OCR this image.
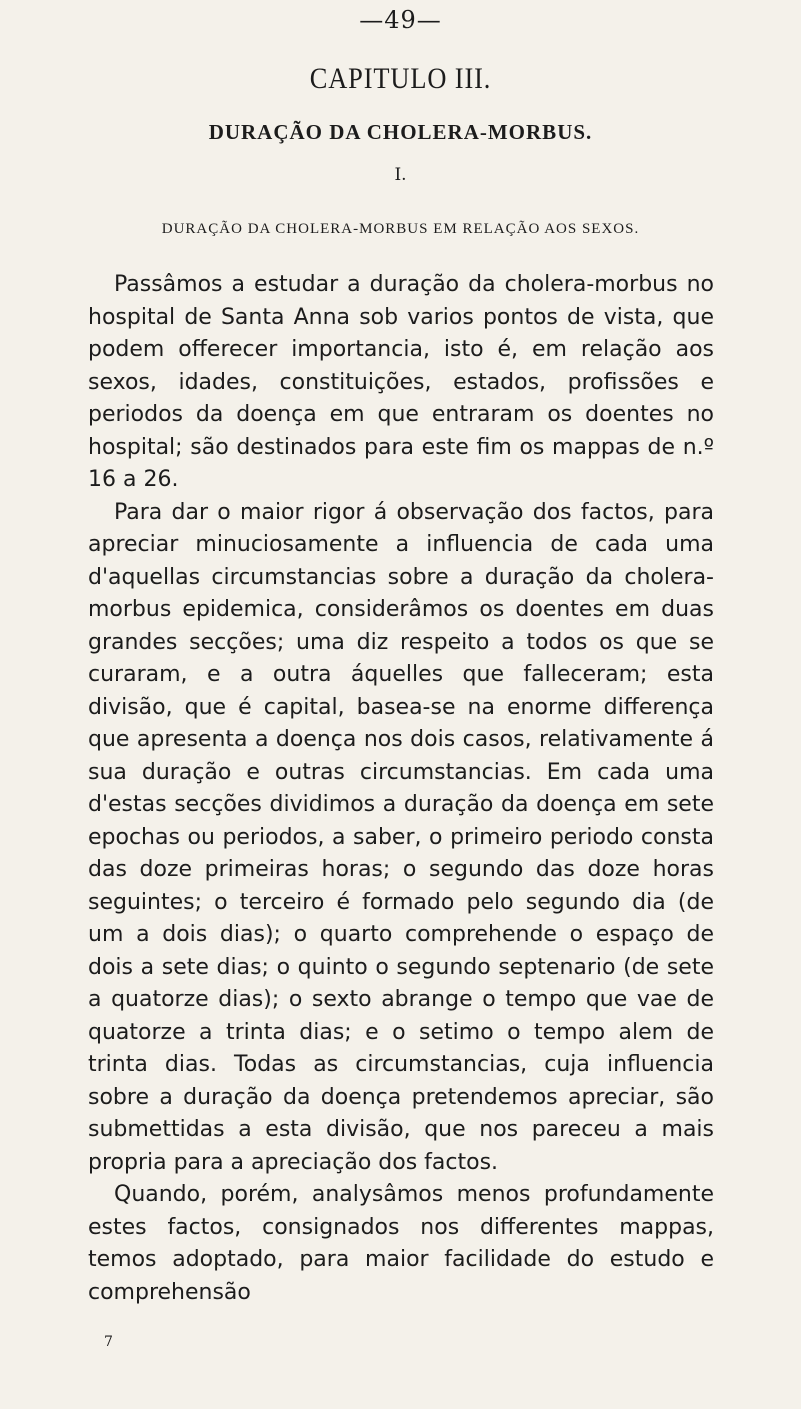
—49—
CAPITULO III.
DURAÇÃO DA CHOLERA-MORBUS.
I.
DURAÇÃO DA CHOLERA-MORBUS EM RELAÇÃO AOS SEXOS.

Passâmos a estudar a duração da cholera-morbus no hospital de Santa Anna sob varios pontos de vista, que podem offerecer importancia, isto é, em relação aos sexos, idades, constituições, estados, profissões e periodos da doença em que entraram os doentes no hospital; são destinados para este fim os mappas de n.º 16 a 26.

Para dar o maior rigor á observação dos factos, para apreciar minuciosamente a influencia de cada uma d'aquellas circumstancias sobre a duração da cholera-morbus epidemica, considerâmos os doentes em duas grandes secções; uma diz respeito a todos os que se curaram, e a outra áquelles que falleceram; esta divisão, que é capital, basea-se na enorme differença que apresenta a doença nos dois casos, relativamente á sua duração e outras circumstancias. Em cada uma d'estas secções dividimos a duração da doença em sete epochas ou periodos, a saber, o primeiro periodo consta das doze primeiras horas; o segundo das doze horas seguintes; o terceiro é formado pelo segundo dia (de um a dois dias); o quarto comprehende o espaço de dois a sete dias; o quinto o segundo septenario (de sete a quatorze dias); o sexto abrange o tempo que vae de quatorze a trinta dias; e o setimo o tempo alem de trinta dias. Todas as circumstancias, cuja influencia sobre a duração da doença pretendemos apreciar, são submettidas a esta divisão, que nos pareceu a mais propria para a apreciação dos factos.

Quando, porém, analysâmos menos profundamente estes factos, consignados nos differentes mappas, temos adoptado, para maior facilidade do estudo e comprehensão

7
